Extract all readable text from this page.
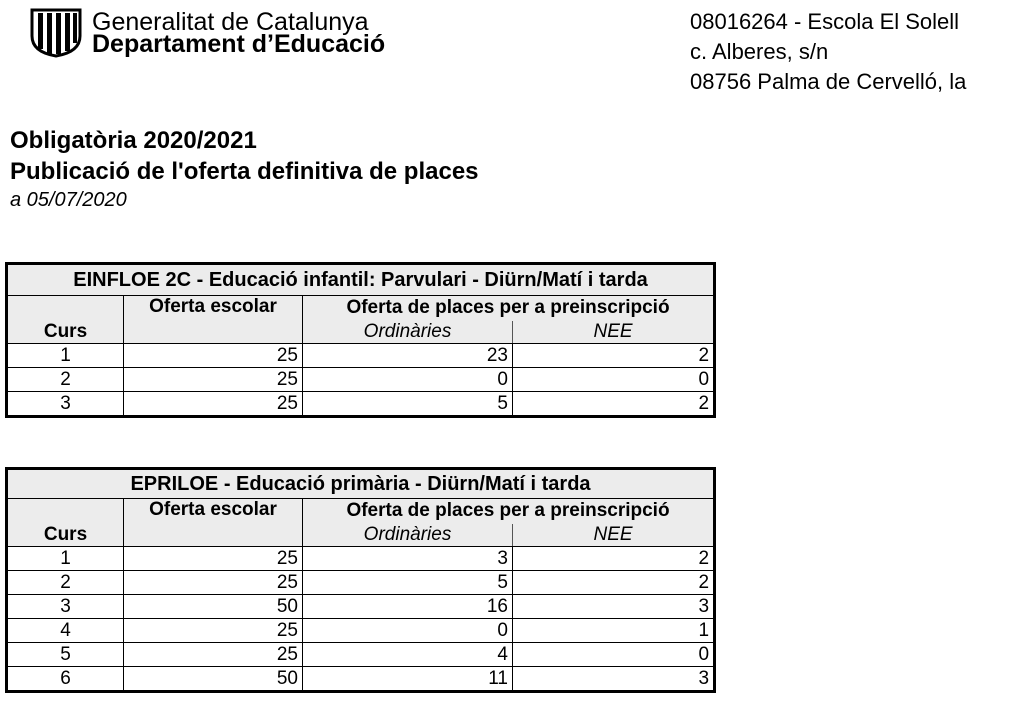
Generalitat de Catalunya
Departament d’Educació
08016264 - Escola El Solell
c. Alberes, s/n
08756 Palma de Cervelló, la
Obligatòria 2020/2021
Publicació de l'oferta definitiva de places
a 05/07/2020
EINFLOE 2C - Educació infantil: Parvulari - Diürn/Matí i tarda			
	Oferta escolar	Oferta de places per a preinscripció	
Curs		Ordinàries	NEE
1	25	23	2
2	25	0	0
3	25	5	2
EPRILOE - Educació primària - Diürn/Matí i tarda			
	Oferta escolar	Oferta de places per a preinscripció	
Curs		Ordinàries	NEE
1	25	3	2
2	25	5	2
3	50	16	3
4	25	0	1
5	25	4	0
6	50	11	3
